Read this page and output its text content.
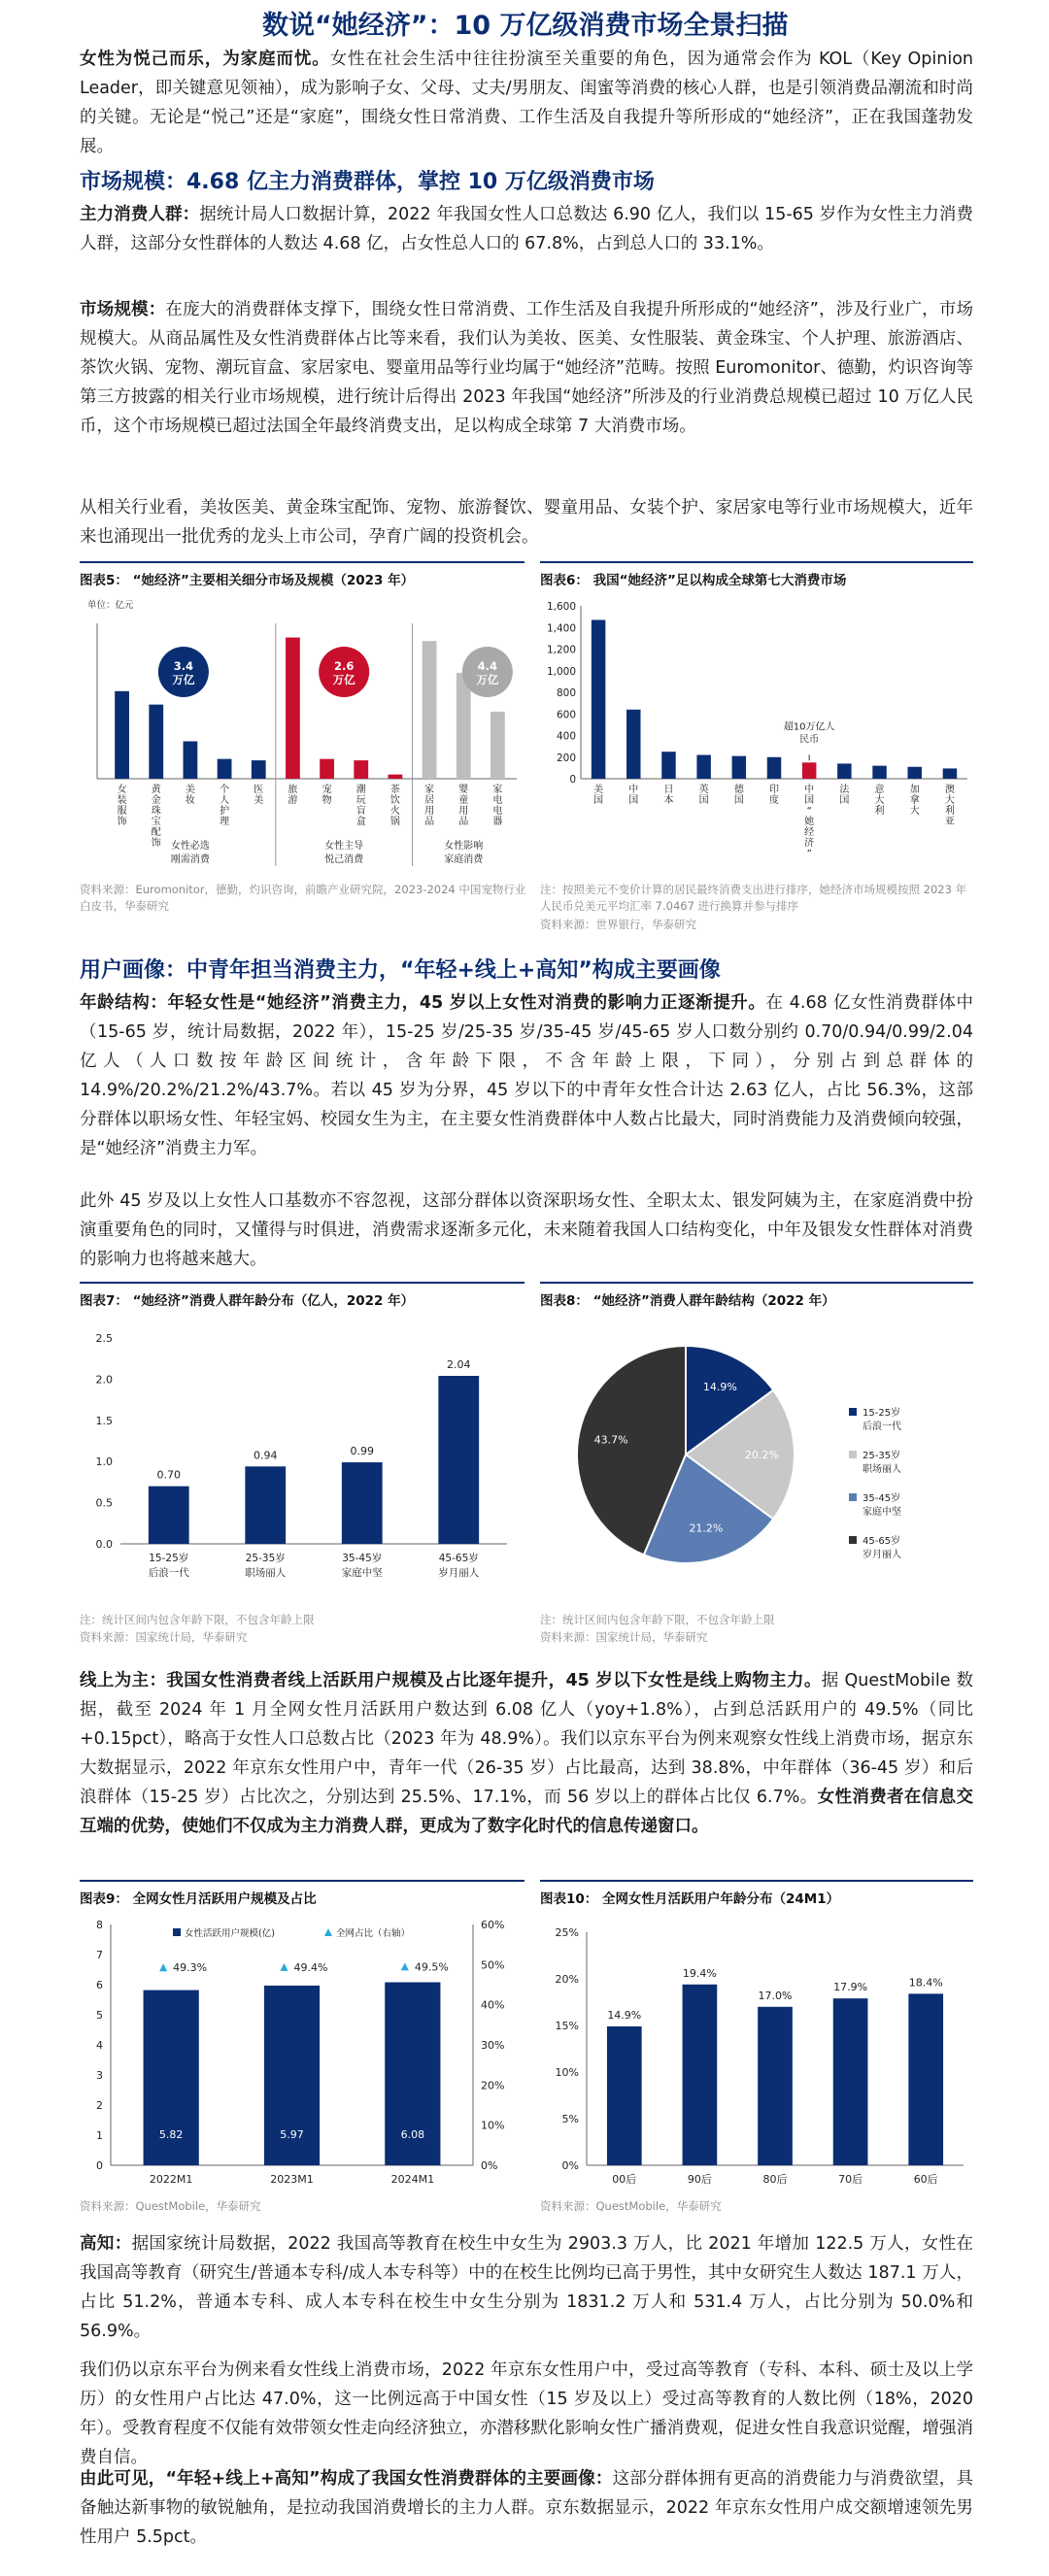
数说“她经济”：10 万亿级消费市场全景扫描
女性为悦己而乐，为家庭而忧。女性在社会生活中往往扮演至关重要的角色，因为通常会作为 KOL（Key Opinion Leader，即关键意见领袖），成为影响子女、父母、丈夫/男朋友、闺蜜等消费的核心人群，也是引领消费品潮流和时尚的关键。无论是“悦己”还是“家庭”，围绕女性日常消费、工作生活及自我提升等所形成的“她经济”，正在我国蓬勃发展。
市场规模：4.68 亿主力消费群体，掌控 10 万亿级消费市场
主力消费人群：据统计局人口数据计算，2022 年我国女性人口总数达 6.90 亿人，我们以 15-65 岁作为女性主力消费人群，这部分女性群体的人数达 4.68 亿，占女性总人口的 67.8%，占到总人口的 33.1%。
市场规模：在庞大的消费群体支撑下，围绕女性日常消费、工作生活及自我提升所形成的“她经济”，涉及行业广，市场规模大。从商品属性及女性消费群体占比等来看，我们认为美妆、医美、女性服装、黄金珠宝、个人护理、旅游酒店、茶饮火锅、宠物、潮玩盲盒、家居家电、婴童用品等行业均属于“她经济”范畴。按照 Euromonitor、德勤，灼识咨询等第三方披露的相关行业市场规模，进行统计后得出 2023 年我国“她经济”所涉及的行业消费总规模已超过 10 万亿人民币，这个市场规模已超过法国全年最终消费支出，足以构成全球第 7 大消费市场。
从相关行业看，美妆医美、黄金珠宝配饰、宠物、旅游餐饮、婴童用品、女装个护、家居家电等行业市场规模大，近年来也涌现出一批优秀的龙头上市公司，孕育广阔的投资机会。
图表5： “她经济”主要相关细分市场及规模（2023 年）
单位：亿元
女装服饰
黄金珠宝配饰
美妆
个人护理
医美
旅游
宠物
潮玩盲盒
茶饮火锅
家居用品
婴童用品
家电电器
3.4 万亿
2.6 万亿
4.4 万亿
女性必选刚需消费
女性主导悦己消费
女性影响家庭消费
资料来源：Euromonitor，德勤，灼识咨询，前瞻产业研究院，2023-2024 中国宠物行业白皮书，华泰研究
图表6： 我国“她经济”足以构成全球第七大消费市场
0
200
400
600
800
1,000
1,200
1,400
1,600
美国
中国
日本
英国
德国
印度
中国“她经济”
超10万亿人民币
法国
意大利
加拿大
澳大利亚
注：按照美元不变价计算的居民最终消费支出进行排序，她经济市场规模按照 2023 年人民币兑美元平均汇率 7.0467 进行换算并参与排序
资料来源：世界银行，华泰研究
用户画像：中青年担当消费主力，“年轻+线上+高知”构成主要画像
年龄结构：年轻女性是“她经济”消费主力，45 岁以上女性对消费的影响力正逐渐提升。在 4.68 亿女性消费群体中（15-65 岁，统计局数据，2022 年），15-25 岁/25-35 岁/35-45 岁/45-65 岁人口数分别约 0.70/0.94/0.99/2.04 亿人（人口数按年龄区间统计，含年龄下限，不含年龄上限，下同），分别占到总群体的 14.9%/20.2%/21.2%/43.7%。若以 45 岁为分界，45 岁以下的中青年女性合计达 2.63 亿人，占比 56.3%，这部分群体以职场女性、年轻宝妈、校园女生为主，在主要女性消费群体中人数占比最大，同时消费能力及消费倾向较强，是“她经济”消费主力军。
此外 45 岁及以上女性人口基数亦不容忽视，这部分群体以资深职场女性、全职太太、银发阿姨为主，在家庭消费中扮演重要角色的同时，又懂得与时俱进，消费需求逐渐多元化，未来随着我国人口结构变化，中年及银发女性群体对消费的影响力也将越来越大。
图表7： “她经济”消费人群年龄分布（亿人，2022 年）
0.0
0.5
1.0
1.5
2.0
2.5
0.70
15-25岁后浪一代
0.94
25-35岁职场丽人
0.99
35-45岁家庭中坚
2.04
45-65岁岁月丽人
注：统计区间内包含年龄下限，不包含年龄上限
资料来源：国家统计局，华泰研究
图表8： “她经济”消费人群年龄结构（2022 年）
14.9%
15-25岁后浪一代
20.2%	25-35岁职场丽人
21.2%
35-45岁家庭中坚
43.7%
45-65岁岁月丽人
注：统计区间内包含年龄下限，不包含年龄上限
资料来源：国家统计局，华泰研究
线上为主：我国女性消费者线上活跃用户规模及占比逐年提升，45 岁以下女性是线上购物主力。据 QuestMobile 数据，截至 2024 年 1 月全网女性月活跃用户数达到 6.08 亿人（yoy+1.8%），占到总活跃用户的 49.5%（同比+0.15pct），略高于女性人口总数占比（2023 年为 48.9%）。我们以京东平台为例来观察女性线上消费市场，据京东大数据显示，2022 年京东女性用户中，青年一代（26-35 岁）占比最高，达到 38.8%，中年群体（36-45 岁）和后浪群体（15-25 岁）占比次之，分别达到 25.5%、17.1%，而 56 岁以上的群体占比仅 6.7%。女性消费者在信息交互端的优势，使她们不仅成为主力消费人群，更成为了数字化时代的信息传递窗口。
图表9： 全网女性月活跃用户规模及占比
0
1
2
3
4
5
6
7
8
0%
10%
20%
30%
40%
50%
60%
女性活跃用户规模(亿)	全网占比（右轴）
5.82
2022M1
49.3%
5.97
2023M1
49.4%
6.08
2024M1
49.5%
资料来源：QuestMobile，华泰研究
图表10： 全网女性月活跃用户年龄分布（24M1）
0%
5%
10%
15%
20%
25%
14.9%
00后
19.4%
90后
17.0%
80后
17.9%
70后
18.4%
60后
资料来源：QuestMobile，华泰研究
高知：据国家统计局数据，2022 我国高等教育在校生中女生为 2903.3 万人，比 2021 年增加 122.5 万人，女性在我国高等教育（研究生/普通本专科/成人本专科等）中的在校生比例均已高于男性，其中女研究生人数达 187.1 万人，占比 51.2%，普通本专科、成人本专科在校生中女生分别为 1831.2 万人和 531.4 万人，占比分别为 50.0%和 56.9%。
我们仍以京东平台为例来看女性线上消费市场，2022 年京东女性用户中，受过高等教育（专科、本科、硕士及以上学历）的女性用户占比达 47.0%，这一比例远高于中国女性（15 岁及以上）受过高等教育的人数比例（18%，2020 年）。受教育程度不仅能有效带领女性走向经济独立，亦潜移默化影响女性广播消费观，促进女性自我意识觉醒，增强消费自信。
由此可见，“年轻+线上+高知”构成了我国女性消费群体的主要画像：这部分群体拥有更高的消费能力与消费欲望，具备触达新事物的敏锐触角，是拉动我国消费增长的主力人群。京东数据显示，2022 年京东女性用户成交额增速领先男性用户 5.5pct。
